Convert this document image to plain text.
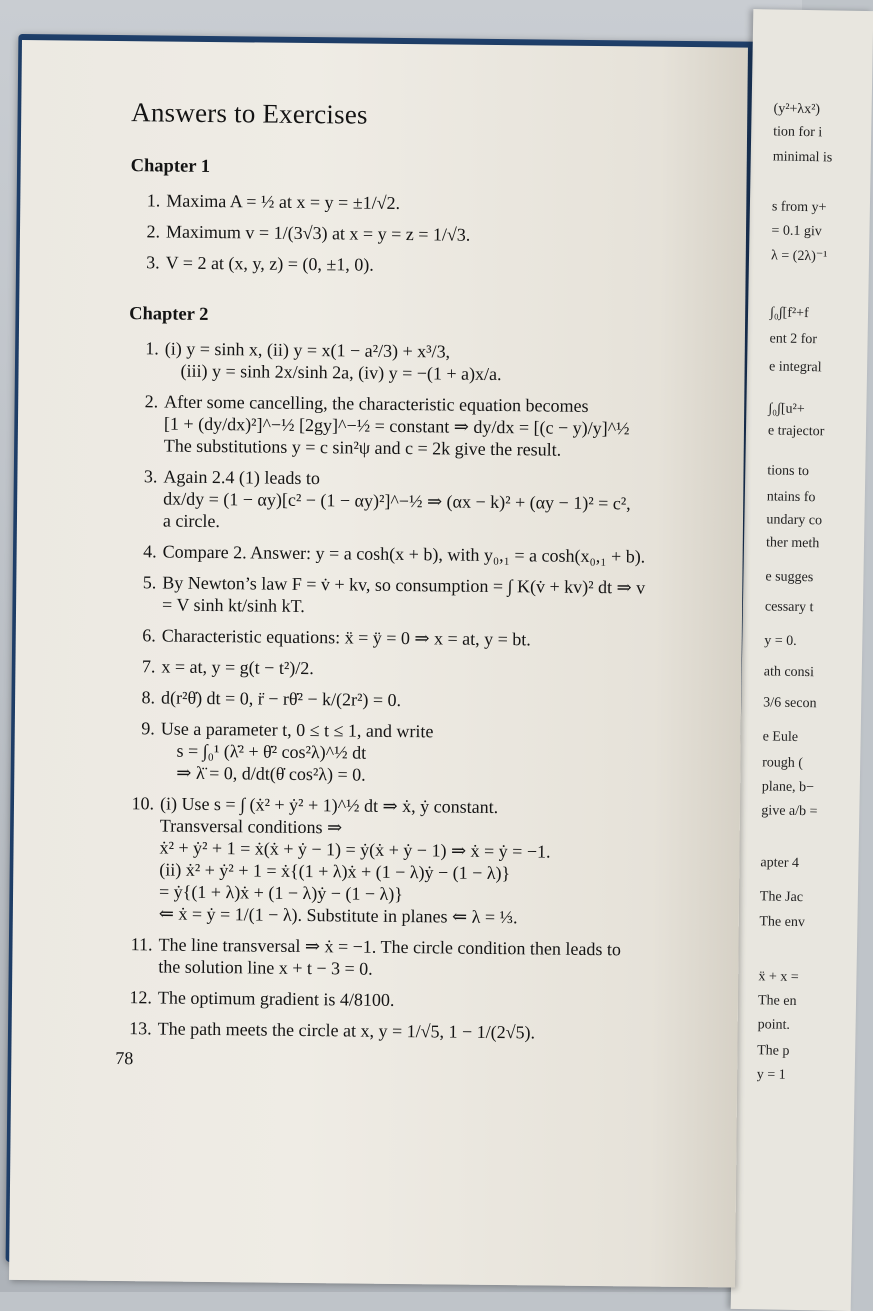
(y²+λx²)
tion for i
minimal is
s from y+
= 0.1 giv
λ = (2λ)⁻¹
∫₀∫[f²+f
ent 2 for
e integral
∫₀∫[u²+
e trajector
tions to
ntains fo
undary co
ther meth
e sugges
cessary t
y = 0.
ath consi
3/6 secon
e Eule
rough (
plane, b−
give a/b =
apter 4
The Jac
The env
ẍ + x =
The en
point.
The p
y = 1
Answers to Exercises
Chapter 1
1. Maxima A = ½ at x = y = ±1/√2.
2. Maximum v = 1/(3√3) at x = y = z = 1/√3.
3. V = 2 at (x, y, z) = (0, ±1, 0).
Chapter 2
1. (i) y = sinh x, (ii) y = x(1 − a²/3) + x³/3,
(iii) y = sinh 2x/sinh 2a, (iv) y = −(1 + a)x/a.
2. After some cancelling, the characteristic equation becomes
[1 + (dy/dx)²]^−½ [2gy]^−½ = constant ⇒ dy/dx = [(c − y)/y]^½
The substitutions y = c sin²ψ and c = 2k give the result.
3. Again 2.4 (1) leads to
dx/dy = (1 − αy)[c² − (1 − αy)²]^−½ ⇒ (αx − k)² + (αy − 1)² = c²,
a circle.
4. Compare 2. Answer: y = a cosh(x + b), with y₀,₁ = a cosh(x₀,₁ + b).
5. By Newton’s law F = v̇ + kv, so consumption = ∫ K(v̇ + kv)² dt ⇒ v
= V sinh kt/sinh kT.
6. Characteristic equations: ẍ = ÿ = 0 ⇒ x = at, y = bt.
7. x = at, y = g(t − t²)/2.
8. d(r²θ̇) dt = 0, r̈ − rθ̇² − k/(2r²) = 0.
9. Use a parameter t, 0 ≤ t ≤ 1, and write
s = ∫₀¹ (λ̇² + θ̇² cos²λ)^½ dt
⇒ λ̈ = 0, d/dt(θ̇ cos²λ) = 0.
10. (i) Use s = ∫ (ẋ² + ẏ² + 1)^½ dt ⇒ ẋ, ẏ constant.
Transversal conditions ⇒
ẋ² + ẏ² + 1 = ẋ(ẋ + ẏ − 1) = ẏ(ẋ + ẏ − 1) ⇒ ẋ = ẏ = −1.
(ii) ẋ² + ẏ² + 1 = ẋ{(1 + λ)ẋ + (1 − λ)ẏ − (1 − λ)}
= ẏ{(1 + λ)ẋ + (1 − λ)ẏ − (1 − λ)}
⇐ ẋ = ẏ = 1/(1 − λ). Substitute in planes ⇐ λ = ⅓.
11. The line transversal ⇒ ẋ = −1. The circle condition then leads to
the solution line x + t − 3 = 0.
12. The optimum gradient is 4/8100.
13. The path meets the circle at x, y = 1/√5, 1 − 1/(2√5).
78
